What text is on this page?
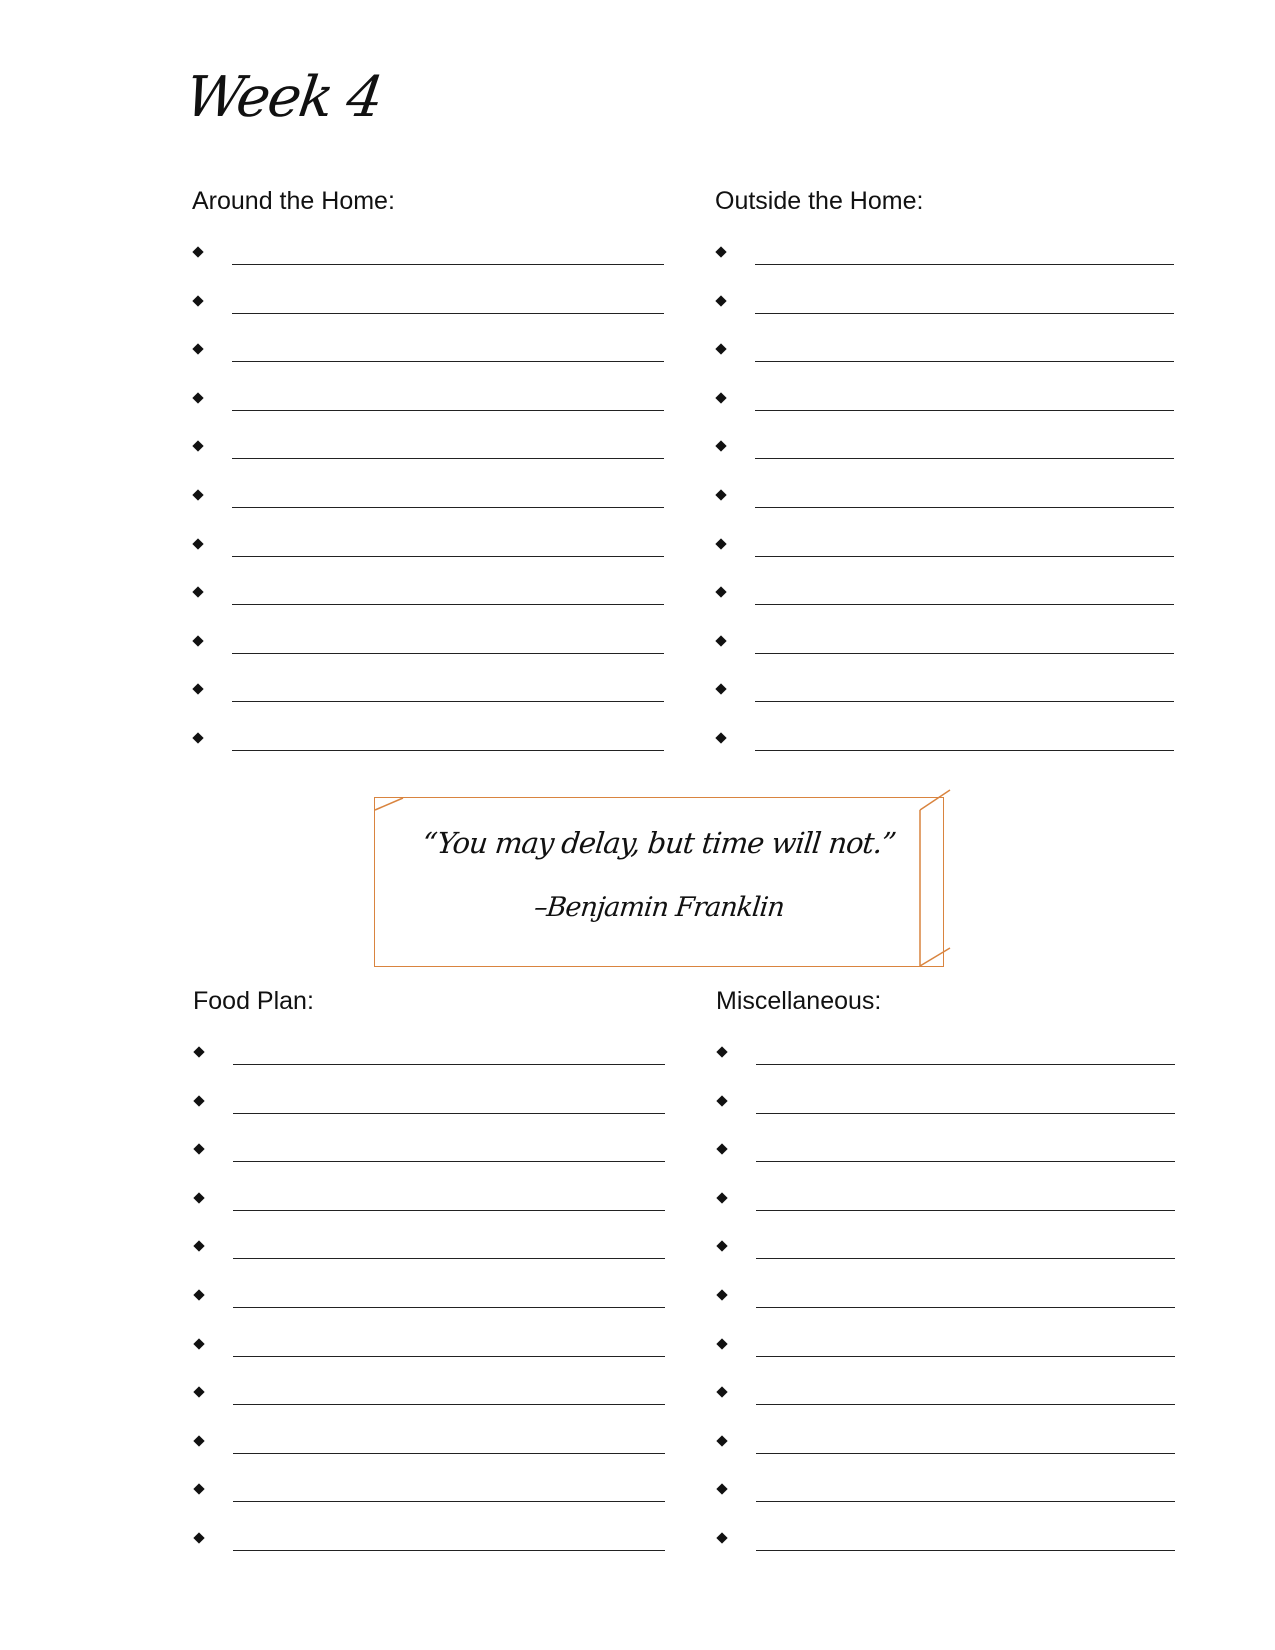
Week 4
Around the Home:	Outside the Home:
“You may delay, but time will not.”
–Benjamin Franklin
Food Plan:	Miscellaneous:
